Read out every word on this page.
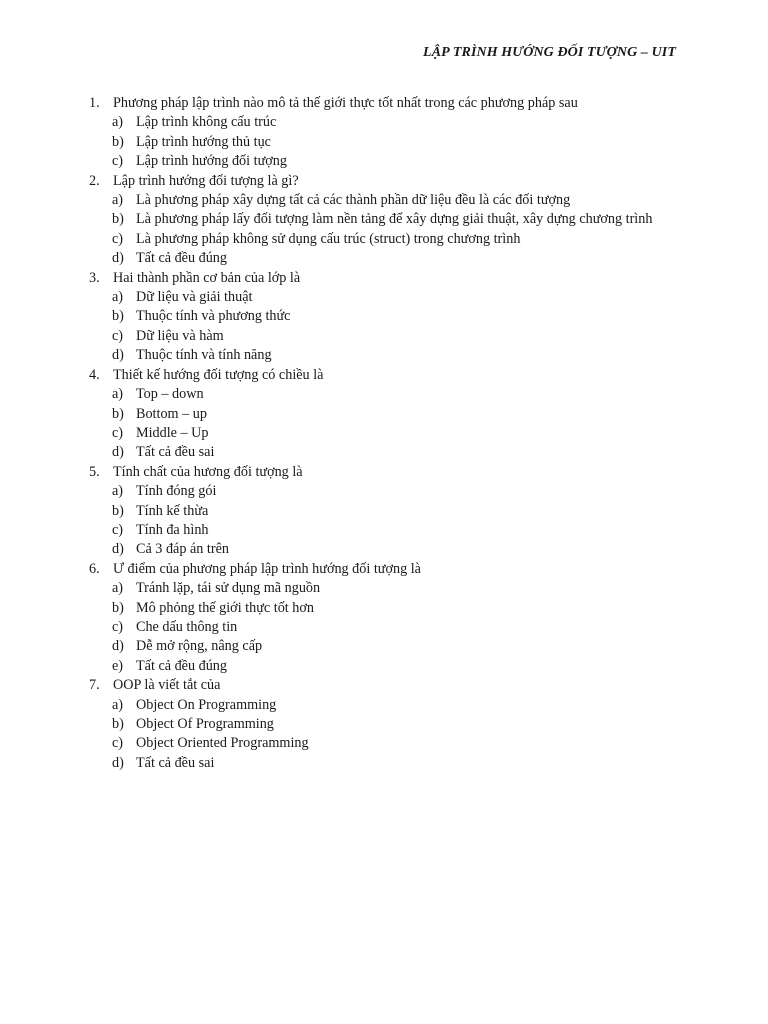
LẬP TRÌNH HƯỚNG ĐỐI TƯỢNG – UIT
1. Phương pháp lập trình nào mô tả thế giới thực tốt nhất trong các phương pháp sau
a) Lập trình không cấu trúc
b) Lập trình hướng thủ tục
c) Lập trình hướng đối tượng
2. Lập trình hướng đối tượng là gì?
a) Là phương pháp xây dựng tất cả các thành phần dữ liệu đều là các đối tượng
b) Là phương pháp lấy đối tượng làm nền tảng để xây dựng giải thuật, xây dựng chương trình
c) Là phương pháp không sử dụng cấu trúc (struct) trong chương trình
d) Tất cả đều đúng
3. Hai thành phần cơ bản của lớp là
a) Dữ liệu và giải thuật
b) Thuộc tính và phương thức
c) Dữ liệu và hàm
d) Thuộc tính và tính năng
4. Thiết kế hướng đối tượng có chiều là
a) Top – down
b) Bottom – up
c) Middle – Up
d) Tất cả đều sai
5. Tính chất của hương đối tượng là
a) Tính đóng gói
b) Tính kế thừa
c) Tính đa hình
d) Cả 3 đáp án trên
6. Ư điểm của phương pháp lập trình hướng đối tượng là
a) Tránh lặp, tái sử dụng mã nguồn
b) Mô phỏng thế giới thực tốt hơn
c) Che dấu thông tin
d) Dễ mở rộng, nâng cấp
e) Tất cả đều đúng
7. OOP là viết tắt của
a) Object On Programming
b) Object Of Programming
c) Object Oriented Programming
d) Tất cả đều sai
